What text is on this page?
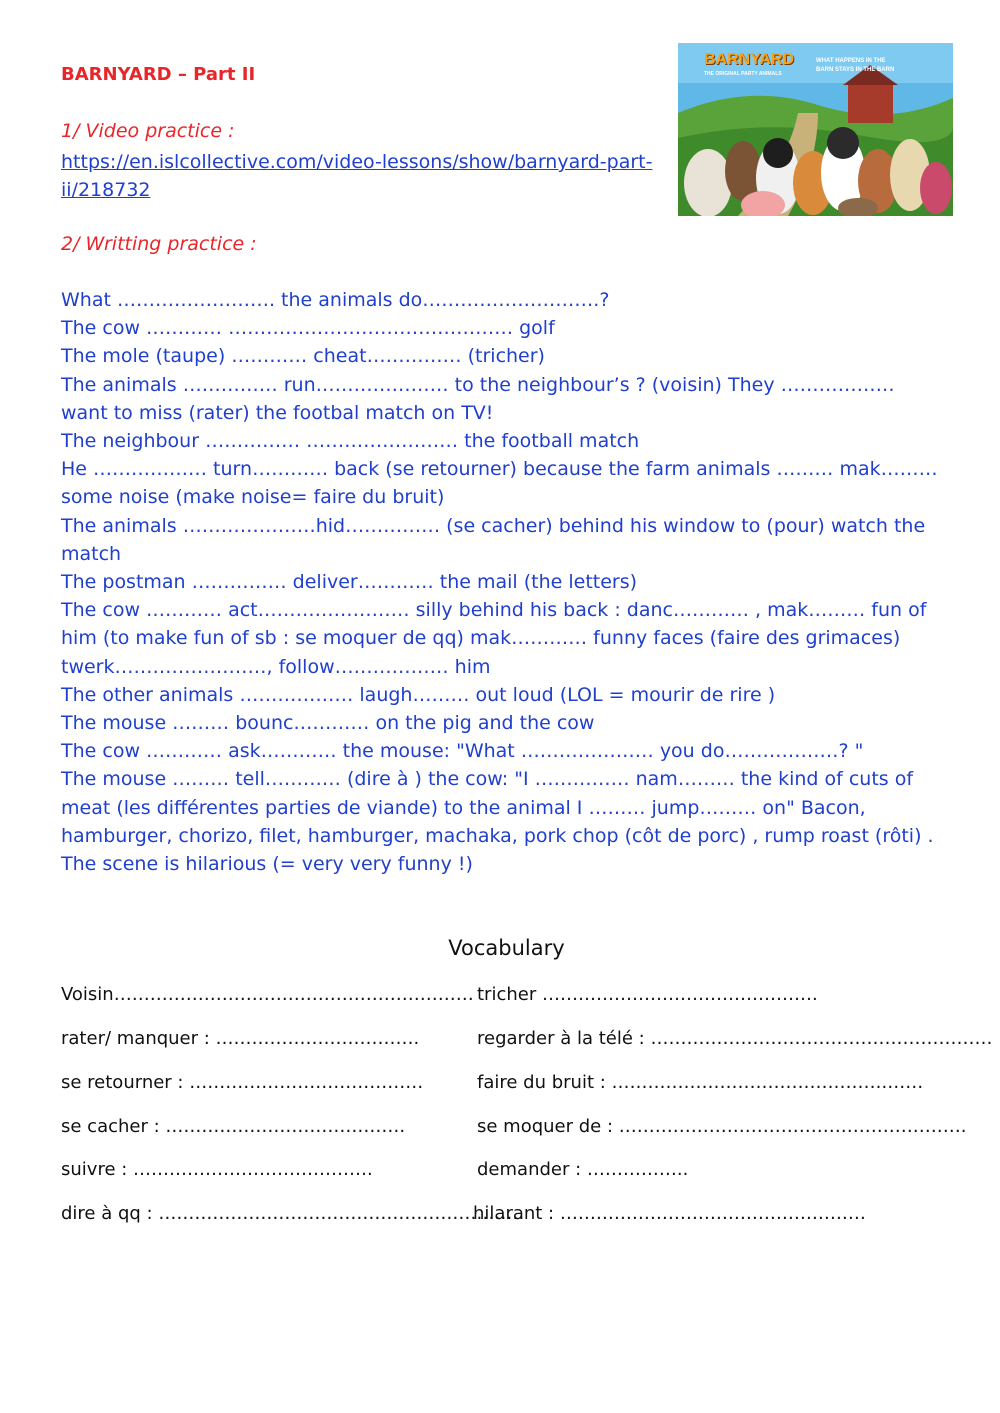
BARNYARD – Part II
1/ Video practice :
https://en.islcollective.com/video-lessons/show/barnyard-part-ii/218732
2/ Writting practice :
BARNYARD
THE ORIGINAL PARTY ANIMALS
WHAT HAPPENS IN THE BARN STAYS IN THE BARN

What ……………………. the animals do……………………….?

The cow ………… ……………………………………… golf

The mole (taupe) ………… cheat…………… (tricher)

The animals …………… run………………… to the neighbour’s ? (voisin) They ……………… want to miss (rater) the footbal match on TV!

The neighbour …………… …………………… the football match

He ……………… turn………… back (se retourner) because the farm animals ……… mak……… some noise (make noise= faire du bruit)

The animals …………………hid…………… (se cacher) behind his window to (pour) watch the match

The postman …………… deliver………… the mail (the letters)

The cow ………… act…………………… silly behind his back : danc………… , mak……… fun of him (to make fun of sb : se moquer de qq) mak………… funny faces (faire des grimaces) twerk……………………, follow……………… him

The other animals ……………… laugh……… out loud (LOL = mourir de rire )

The mouse ……… bounc………… on the pig and the cow

The cow ………… ask………… the mouse: "What ………………… you do………………? "

The mouse ……… tell………… (dire à ) the cow: "I …………… nam……… the kind of cuts of meat (les différentes parties de viande) to the animal I ……… jump……… on" Bacon, hamburger, chorizo, filet, hamburger, machaka, pork chop (côt de porc) , rump roast (rôti) .

The scene is hilarious (= very very funny !)

Vocabulary
Voisin……………………………………………………
rater/ manquer : …………………………….
se retourner : …………………………………
se cacher : ………………………………….
suivre : ………………………………….
dire à qq : …………………………………………………….
tricher ……………………………………….
regarder à la télé : …………………………………………………
faire du bruit : ……………………………………….……
se moquer de : ………………………………………………….
demander : ……………..
hilarant : ……………………………………………
